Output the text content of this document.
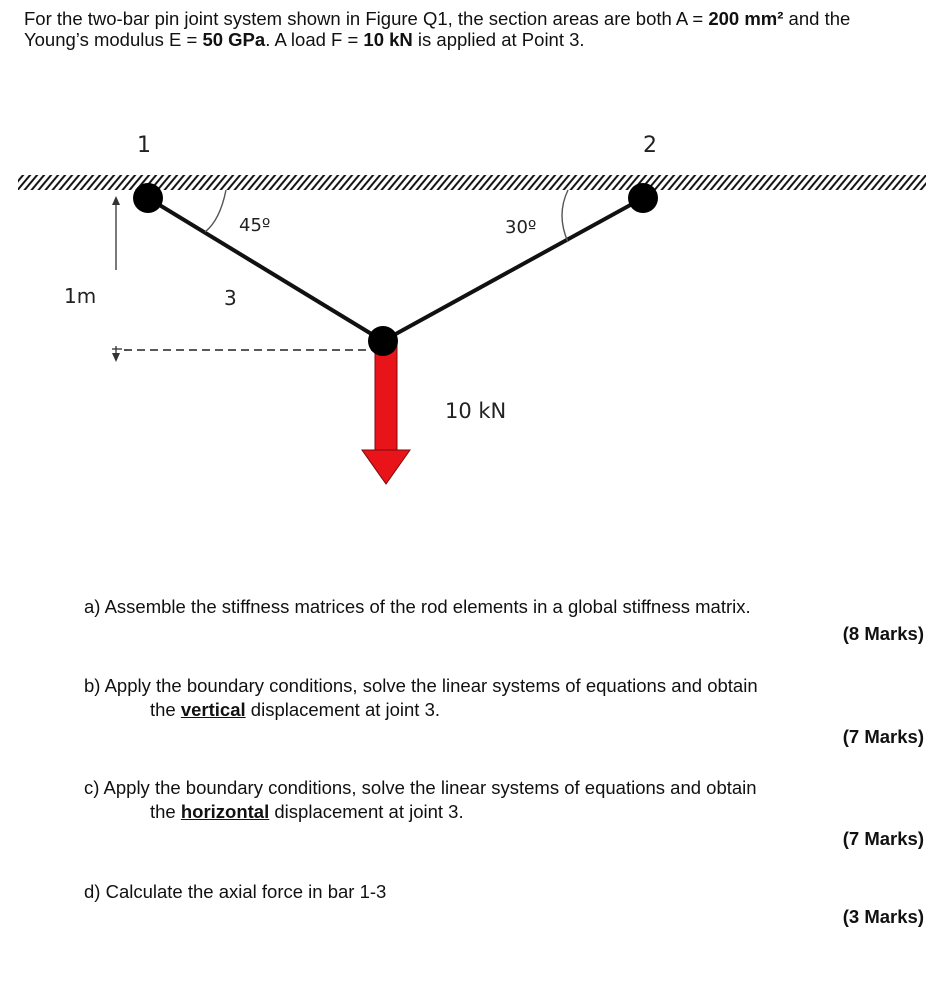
For the two-bar pin joint system shown in Figure Q1, the section areas are both A = 200 mm² and the Young’s modulus E = 50 GPa. A load F = 10 kN is applied at Point 3.
1	2
3
45º	30º
1m
10 kN
a) Assemble the stiffness matrices of the rod elements in a global stiffness matrix.
(8 Marks)
b) Apply the boundary conditions, solve the linear systems of equations and obtain
the vertical displacement at joint 3.
(7 Marks)
c) Apply the boundary conditions, solve the linear systems of equations and obtain
the horizontal displacement at joint 3.
(7 Marks)
d) Calculate the axial force in bar 1-3
(3 Marks)
